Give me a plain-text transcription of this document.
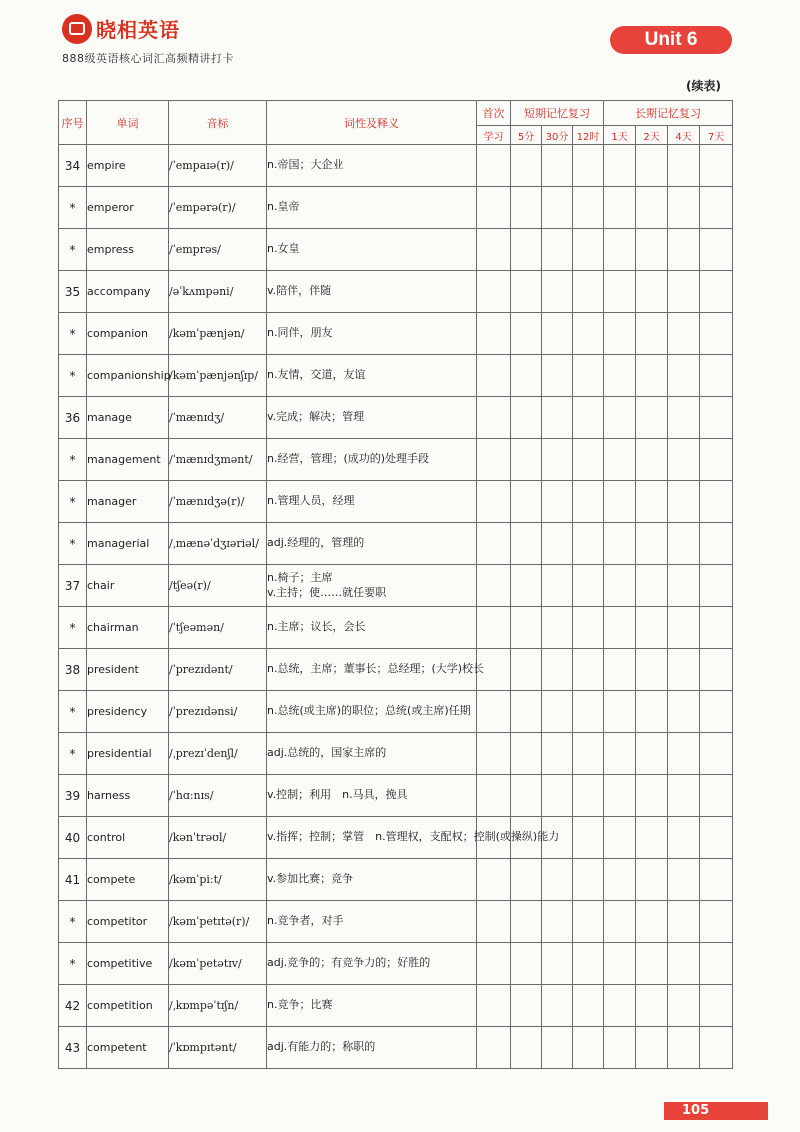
晓相英语
888级英语核心词汇高频精讲打卡
Unit 6
(续表)
序号	单词	音标	词性及释义	首次	短期记忆复习			长期记忆复习			
				学习	5分	30分	12时	1天	2天	4天	7天
34	empire	/ˈempaɪə(r)/	n.帝国；大企业								
*	emperor	/ˈempərə(r)/	n.皇帝								
*	empress	/ˈemprəs/	n.女皇								
35	accompany	/əˈkʌmpəni/	v.陪伴，伴随								
*	companion	/kəmˈpænjən/	n.同伴，朋友								
*	companionship	/kəmˈpænjənʃɪp/	n.友情，交道，友谊								
36	manage	/ˈmænɪdʒ/	v.完成；解决；管理								
*	management	/ˈmænɪdʒmənt/	n.经营，管理；(成功的)处理手段								
*	manager	/ˈmænɪdʒə(r)/	n.管理人员，经理								
*	managerial	/ˌmænəˈdʒɪəriəl/	adj.经理的，管理的								
37	chair	/tʃeə(r)/	n.椅子；主席
v.主持；使……就任要职								
*	chairman	/ˈtʃeəmən/	n.主席；议长，会长								
38	president	/ˈprezɪdənt/	n.总统，主席；董事长；总经理；(大学)校长								
*	presidency	/ˈprezɪdənsi/	n.总统(或主席)的职位；总统(或主席)任期								
*	presidential	/ˌprezɪˈdenʃl/	adj.总统的，国家主席的								
39	harness	/ˈhɑːnɪs/	v.控制；利用　n.马具，挽具								
40	control	/kənˈtrəʊl/	v.指挥；控制；掌管　n.管理权，支配权；控制(或操纵)能力								
41	compete	/kəmˈpiːt/	v.参加比赛；竞争								
*	competitor	/kəmˈpetɪtə(r)/	n.竞争者，对手								
*	competitive	/kəmˈpetətɪv/	adj.竞争的；有竞争力的；好胜的								
42	competition	/ˌkɒmpəˈtɪʃn/	n.竞争；比赛								
43	competent	/ˈkɒmpɪtənt/	adj.有能力的；称职的								
105
